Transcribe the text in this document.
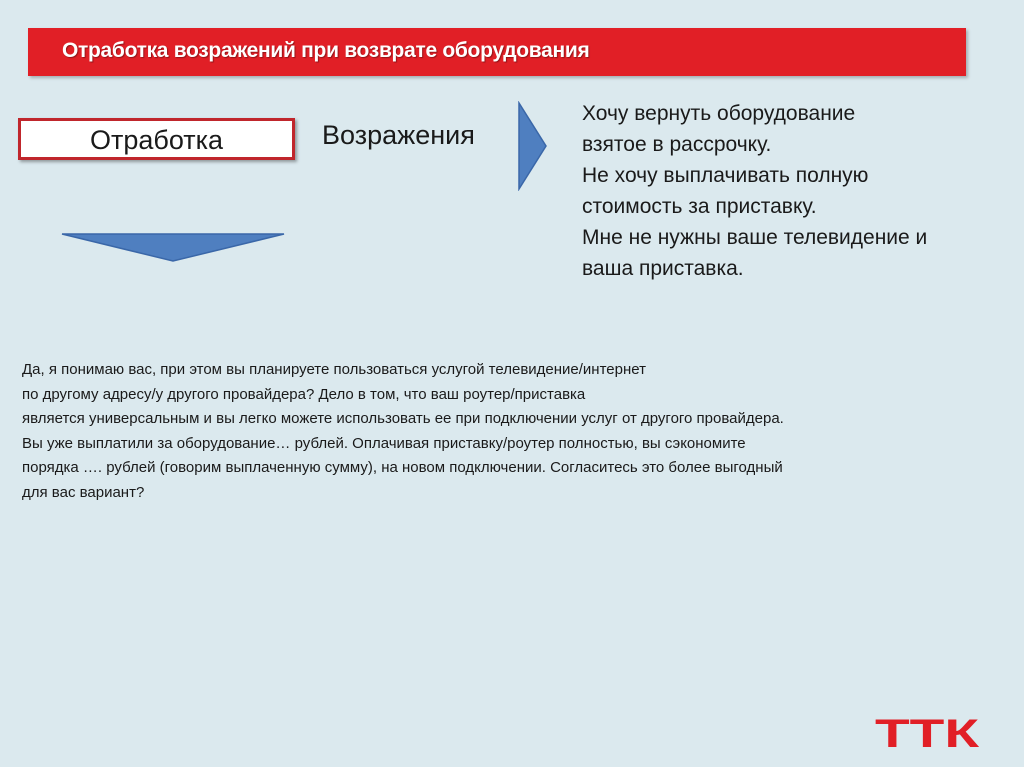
Отработка возражений при возврате оборудования
Отработка	Возражения
Хочу вернуть оборудование
взятое в рассрочку.
Не хочу выплачивать полную
стоимость за приставку.
Мне не нужны ваше телевидение и
ваша приставка.
Да, я понимаю вас, при этом вы планируете пользоваться услугой телевидение/интернет
по другому адресу/у другого провайдера? Дело в том, что ваш роутер/приставка
является универсальным и вы легко можете использовать ее при подключении услуг от другого провайдера.
Вы уже выплатили за оборудование… рублей. Оплачивая приставку/роутер полностью, вы сэкономите
порядка …. рублей (говорим выплаченную сумму), на новом подключении. Согласитесь это более выгодный
для вас вариант?
ТТК
